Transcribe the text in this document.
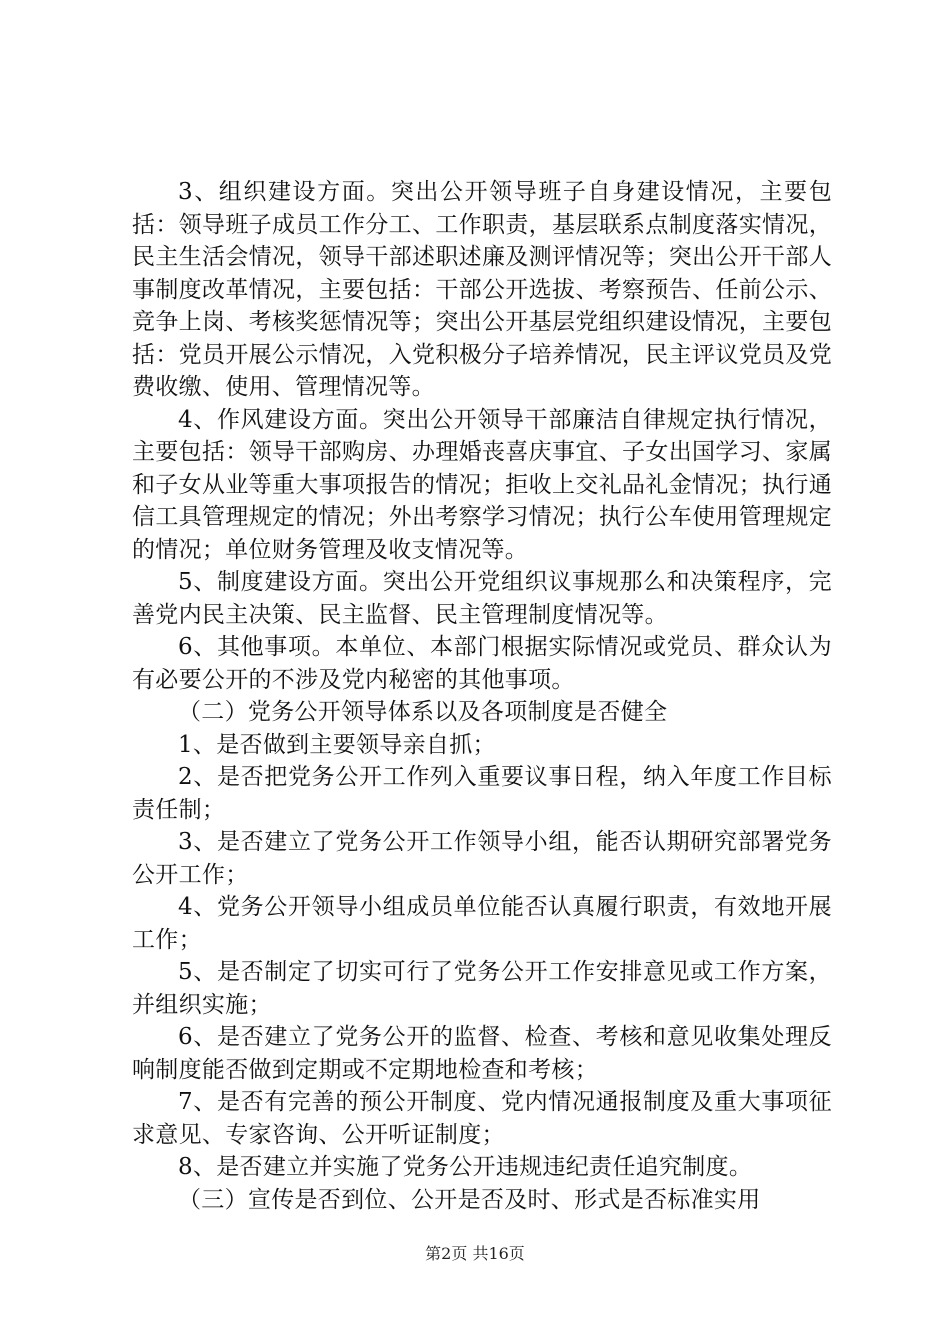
3、组织建设方面。突出公开领导班子自身建设情况，主要包括：领导班子成员工作分工、工作职责，基层联系点制度落实情况，民主生活会情况，领导干部述职述廉及测评情况等；突出公开干部人事制度改革情况，主要包括：干部公开选拔、考察预告、任前公示、竞争上岗、考核奖惩情况等；突出公开基层党组织建设情况，主要包括：党员开展公示情况，入党积极分子培养情况，民主评议党员及党费收缴、使用、管理情况等。

4、作风建设方面。突出公开领导干部廉洁自律规定执行情况，主要包括：领导干部购房、办理婚丧喜庆事宜、子女出国学习、家属和子女从业等重大事项报告的情况；拒收上交礼品礼金情况；执行通信工具管理规定的情况；外出考察学习情况；执行公车使用管理规定的情况；单位财务管理及收支情况等。

5、制度建设方面。突出公开党组织议事规那么和决策程序，完善党内民主决策、民主监督、民主管理制度情况等。

6、其他事项。本单位、本部门根据实际情况或党员、群众认为有必要公开的不涉及党内秘密的其他事项。

（二）党务公开领导体系以及各项制度是否健全

1、是否做到主要领导亲自抓；

2、是否把党务公开工作列入重要议事日程，纳入年度工作目标责任制；

3、是否建立了党务公开工作领导小组，能否认期研究部署党务公开工作；

4、党务公开领导小组成员单位能否认真履行职责，有效地开展工作；

5、是否制定了切实可行了党务公开工作安排意见或工作方案，并组织实施；

6、是否建立了党务公开的监督、检查、考核和意见收集处理反响制度能否做到定期或不定期地检查和考核；

7、是否有完善的预公开制度、党内情况通报制度及重大事项征求意见、专家咨询、公开听证制度；

8、是否建立并实施了党务公开违规违纪责任追究制度。

（三）宣传是否到位、公开是否及时、形式是否标准实用

第2页 共16页
